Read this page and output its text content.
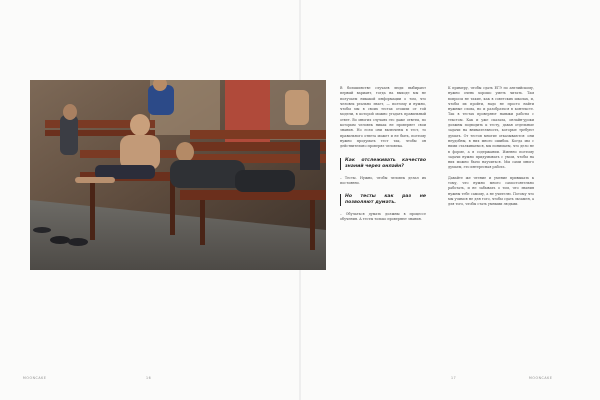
В большинстве случаев люди выбирают первый вариант, тогда на выходе мы не получаем никакой информации о том, что человек реально знает, — поэтому и нужно, чтобы мы в своих тестах отошли от той модели, в которой можно угадать правильный ответ. Во многих случаях это даже ответы, по которым человек никак не проверяет свои знания. Но если они включены в тест, то правильного ответа может и не быть, поэтому нужно продумать тест так, чтобы он действительно проверял человека.

Как отслеживать качество знаний через онлайн?

– Тесты. Нужно, чтобы человек делал их постоянно.

Но тесты как раз не позволяют думать.

– Обучаться думать должны в процессе обучения. А тесты только проверяют знания.

К примеру, чтобы сдать ЕГЭ по английскому, нужно очень хорошо уметь читать. Там вопросы не такие, как в советских школах, и, чтобы их пройти, надо не просто найти нужные слова, но и разобраться в контексте. Так в тестах проверяют навыки работы с текстом. Как и уже сказала, онлайн-уроки должны подводить к тесту, давая отдельные задачи на внимательность, которые требуют думать. От тестов многие отказываются: они неудобны, в них много ошибок. Когда мы с ними сталкиваемся, мы понимаем, что дело не в форме, а в содержании. Именно поэтому задачи нужно придумывать с умом, чтобы на них можно было научиться. Мы сами много думаем, это интересная работа.

Давайте же чтение и умение привыкать к тому, что нужно много самостоятельно работать, и не забывать о том, что знания нужны тебе самому, а не учителю. Потому что мы учимся не для того, чтобы сдать экзамен, а для того, чтобы стать умными людьми.

MOONCAKE	16	17	MOONCAKE
